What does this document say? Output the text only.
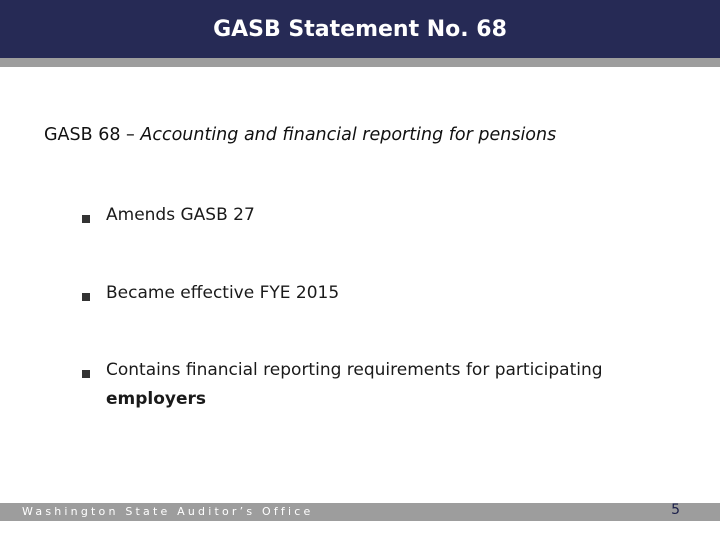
GASB Statement No. 68
GASB 68 – Accounting and financial reporting for pensions
Amends GASB 27
Became effective FYE 2015
Contains financial reporting requirements for participating employers
Washington State Auditor’s Office	5
